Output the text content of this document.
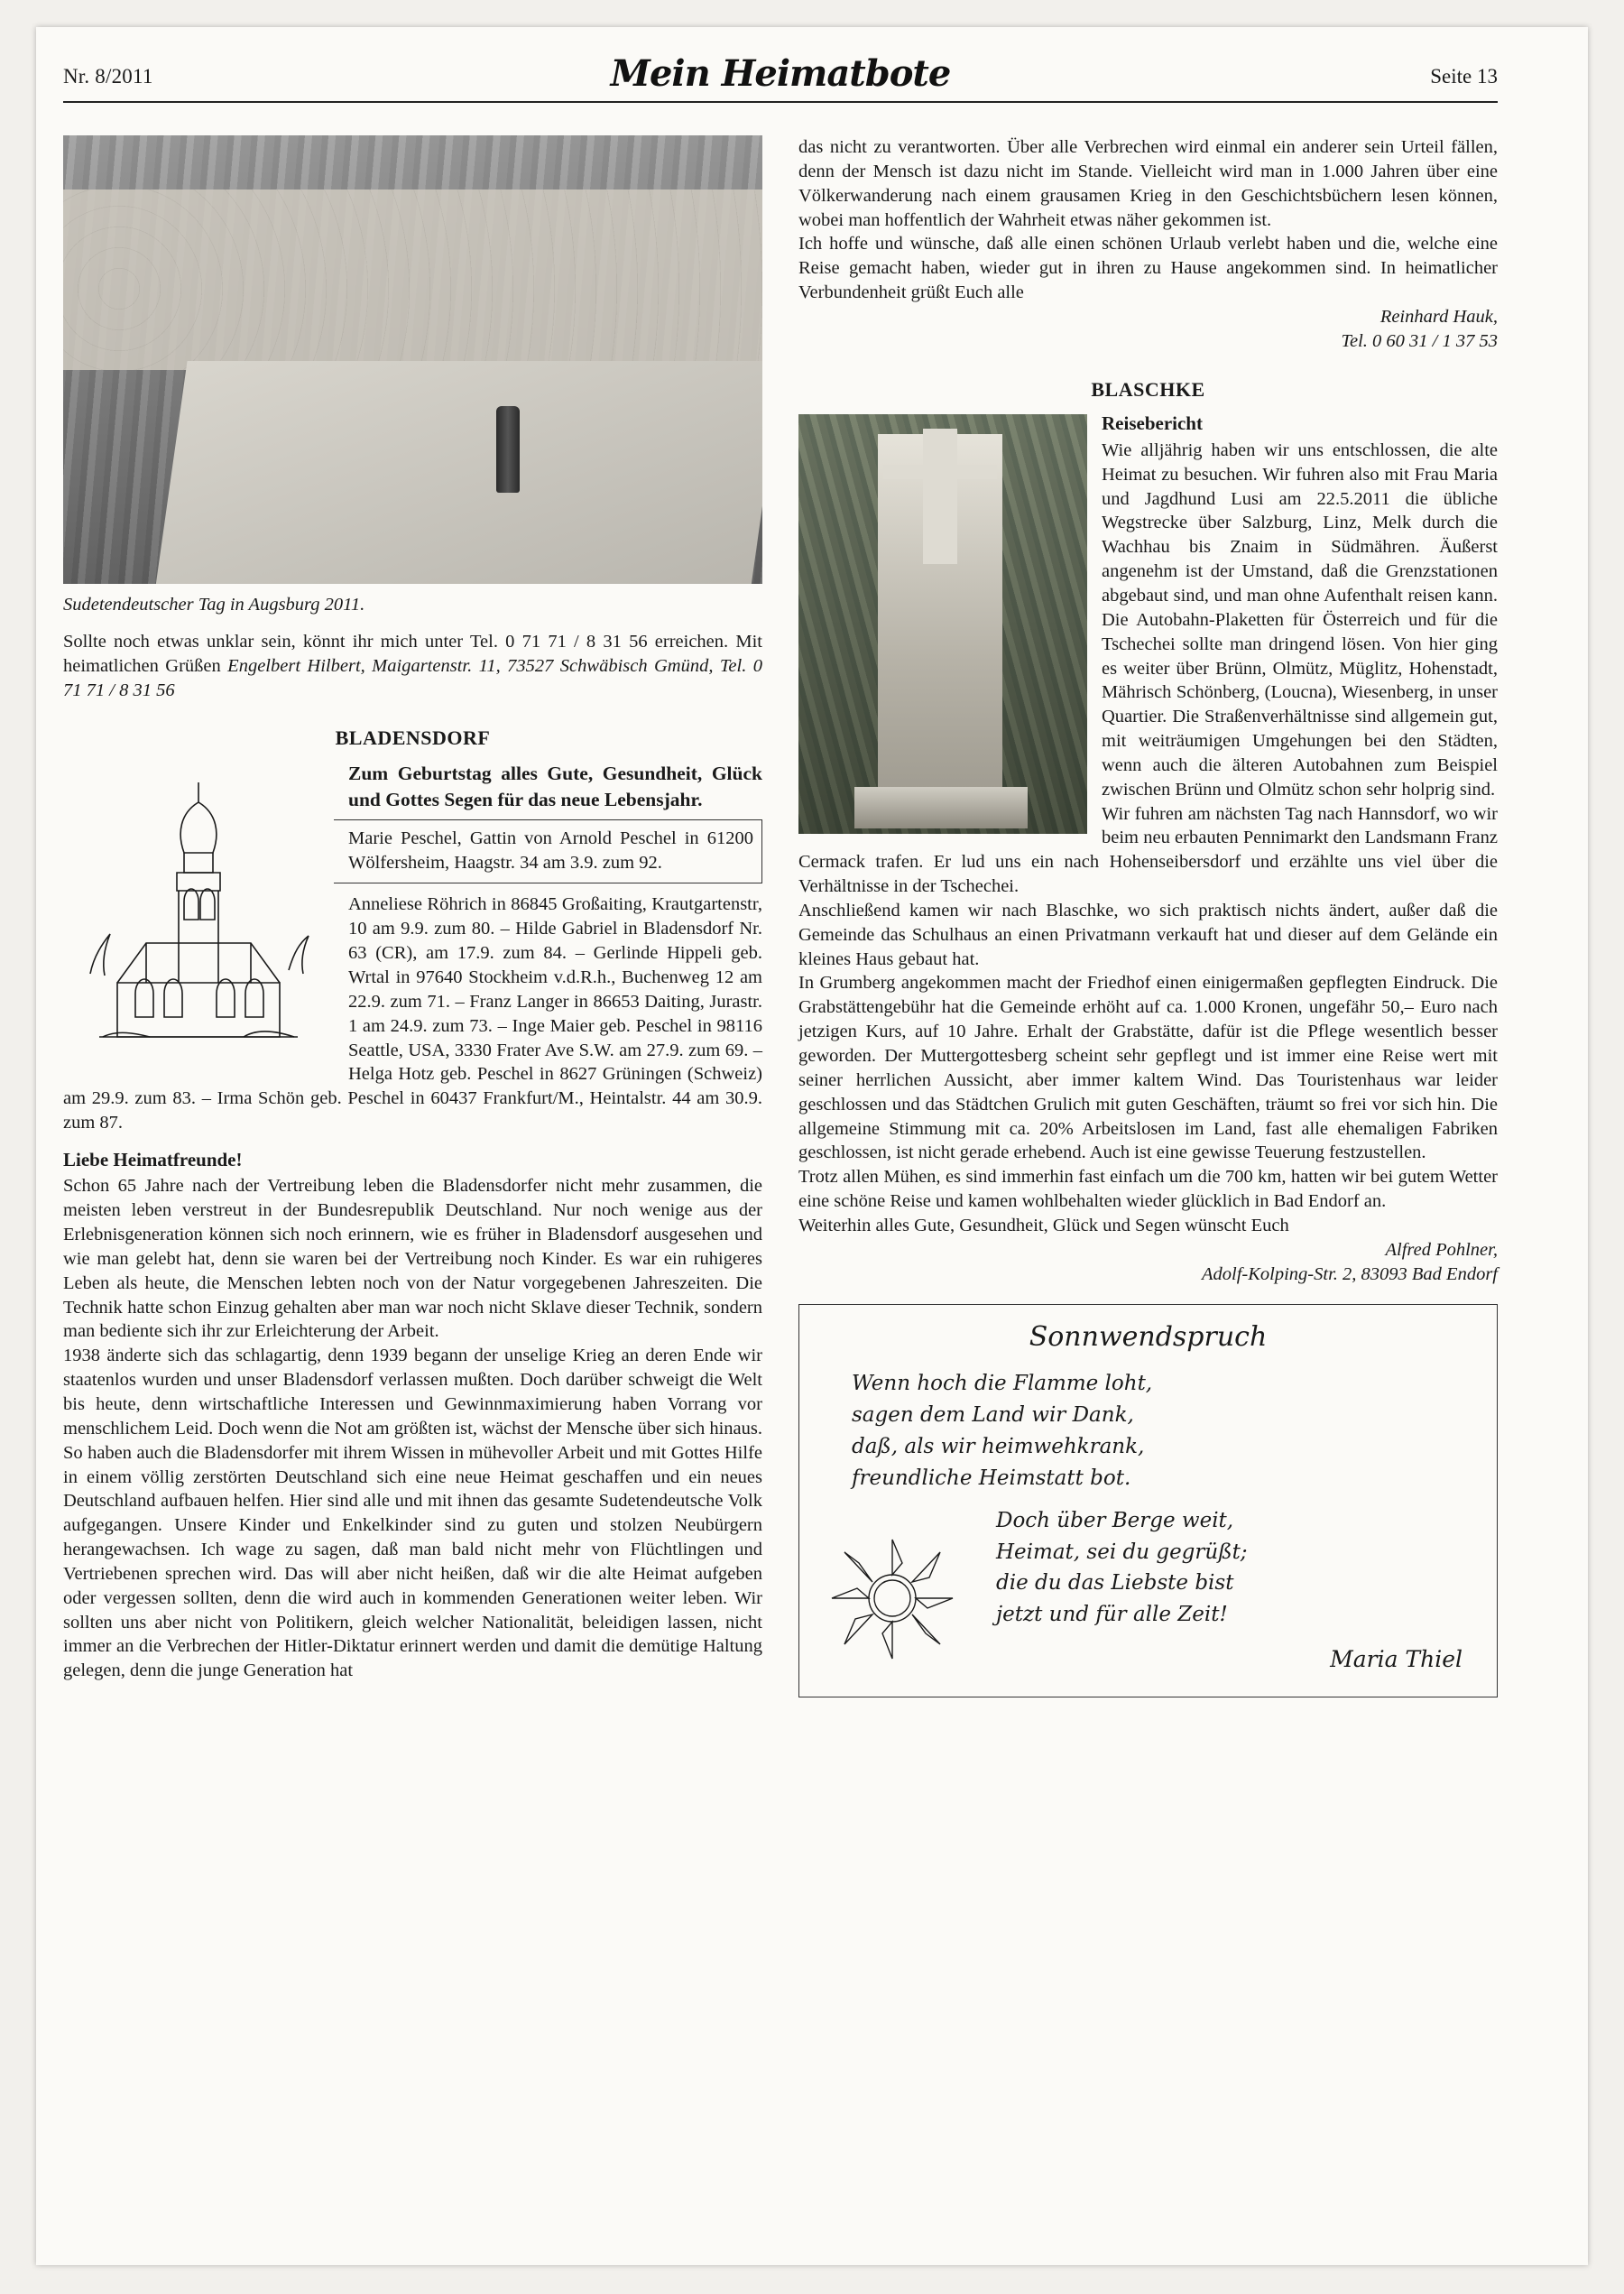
Nr. 8/2011	Mein Heimatbote	Seite 13
Sudetendeutscher Tag in Augsburg 2011.

Sollte noch etwas unklar sein, könnt ihr mich unter Tel. 0 71 71 / 8 31 56 erreichen. Mit heimatlichen Grüßen Engelbert Hilbert, Maigartenstr. 11, 73527 Schwäbisch Gmünd, Tel. 0 71 71 / 8 31 56

BLADENSDORF
Zum Geburtstag alles Gute, Gesundheit, Glück und Gottes Segen für das neue Lebensjahr.
Marie Peschel, Gattin von Arnold Peschel in 61200 Wölfersheim, Haagstr. 34 am 3.9. zum 92.

Anneliese Röhrich in 86845 Großaiting, Krautgartenstr, 10 am 9.9. zum 80. – Hilde Gabriel in Bladensdorf Nr. 63 (CR), am 17.9. zum 84. – Gerlinde Hippeli geb. Wrtal in 97640 Stockheim v.d.R.h., Buchenweg 12 am 22.9. zum 71. – Franz Langer in 86653 Daiting, Jurastr. 1 am 24.9. zum 73. – Inge Maier geb. Peschel in 98116 Seattle, USA, 3330 Frater Ave S.W. am 27.9. zum 69. – Helga Hotz geb. Peschel in 8627 Grüningen (Schweiz) am 29.9. zum 83. – Irma Schön geb. Peschel in 60437 Frankfurt/M., Heintalstr. 44 am 30.9. zum 87.

Liebe Heimatfreunde!

Schon 65 Jahre nach der Vertreibung leben die Bladensdorfer nicht mehr zusammen, die meisten leben verstreut in der Bundesrepublik Deutschland. Nur noch wenige aus der Erlebnisgeneration können sich noch erinnern, wie es früher in Bladensdorf ausgesehen und wie man gelebt hat, denn sie waren bei der Vertreibung noch Kinder. Es war ein ruhigeres Leben als heute, die Menschen lebten noch von der Natur vorgegebenen Jahreszeiten. Die Technik hatte schon Einzug gehalten aber man war noch nicht Sklave dieser Technik, sondern man bediente sich ihr zur Erleichterung der Arbeit.

1938 änderte sich das schlagartig, denn 1939 begann der unselige Krieg an deren Ende wir staatenlos wurden und unser Bladensdorf verlassen mußten. Doch darüber schweigt die Welt bis heute, denn wirtschaftliche Interessen und Gewinnmaximierung haben Vorrang vor menschlichem Leid. Doch wenn die Not am größten ist, wächst der Mensche über sich hinaus. So haben auch die Bladensdorfer mit ihrem Wissen in mühevoller Arbeit und mit Gottes Hilfe in einem völlig zerstörten Deutschland sich eine neue Heimat geschaffen und ein neues Deutschland aufbauen helfen. Hier sind alle und mit ihnen das gesamte Sudetendeutsche Volk aufgegangen. Unsere Kinder und Enkelkinder sind zu guten und stolzen Neubürgern herangewachsen. Ich wage zu sagen, daß man bald nicht mehr von Flüchtlingen und Vertriebenen sprechen wird. Das will aber nicht heißen, daß wir die alte Heimat aufgeben oder vergessen sollten, denn die wird auch in kommenden Generationen weiter leben. Wir sollten uns aber nicht von Politikern, gleich welcher Nationalität, beleidigen lassen, nicht immer an die Verbrechen der Hitler-Diktatur erinnert werden und damit die demütige Haltung gelegen, denn die junge Generation hat

das nicht zu verantworten. Über alle Verbrechen wird einmal ein anderer sein Urteil fällen, denn der Mensch ist dazu nicht im Stande. Vielleicht wird man in 1.000 Jahren über eine Völkerwanderung nach einem grausamen Krieg in den Geschichtsbüchern lesen können, wobei man hoffentlich der Wahrheit etwas näher gekommen ist.

Ich hoffe und wünsche, daß alle einen schönen Urlaub verlebt haben und die, welche eine Reise gemacht haben, wieder gut in ihren zu Hause angekommen sind. In heimatlicher Verbundenheit grüßt Euch alle

Reinhard Hauk,
Tel. 0 60 31 / 1 37 53
BLASCHKE
Reisebericht

Wie alljährig haben wir uns entschlossen, die alte Heimat zu besuchen. Wir fuhren also mit Frau Maria und Jagdhund Lusi am 22.5.2011 die übliche Wegstrecke über Salzburg, Linz, Melk durch die Wachhau bis Znaim in Südmähren. Äußerst angenehm ist der Umstand, daß die Grenzstationen abgebaut sind, und man ohne Aufenthalt reisen kann. Die Autobahn-Plaketten für Österreich und für die Tschechei sollte man dringend lösen. Von hier ging es weiter über Brünn, Olmütz, Müglitz, Hohenstadt, Mährisch Schönberg, (Loucna), Wiesenberg, in unser Quartier. Die Straßenverhältnisse sind allgemein gut, mit weiträumigen Umgehungen bei den Städten, wenn auch die älteren Autobahnen zum Beispiel zwischen Brünn und Olmütz schon sehr holprig sind.

Wir fuhren am nächsten Tag nach Hannsdorf, wo wir beim neu erbauten Pennimarkt den Landsmann Franz Cermack trafen. Er lud uns ein nach Hohenseibersdorf und erzählte uns viel über die Verhältnisse in der Tschechei.

Anschließend kamen wir nach Blaschke, wo sich praktisch nichts ändert, außer daß die Gemeinde das Schulhaus an einen Privatmann verkauft hat und dieser auf dem Gelände ein kleines Haus gebaut hat.

In Grumberg angekommen macht der Friedhof einen einigermaßen gepflegten Eindruck. Die Grabstättengebühr hat die Gemeinde erhöht auf ca. 1.000 Kronen, ungefähr 50,– Euro nach jetzigen Kurs, auf 10 Jahre. Erhalt der Grabstätte, dafür ist die Pflege wesentlich besser geworden. Der Muttergottesberg scheint sehr gepflegt und ist immer eine Reise wert mit seiner herrlichen Aussicht, aber immer kaltem Wind. Das Touristenhaus war leider geschlossen und das Städtchen Grulich mit guten Geschäften, träumt so frei vor sich hin. Die allgemeine Stimmung mit ca. 20% Arbeitslosen im Land, fast alle ehemaligen Fabriken geschlossen, ist nicht gerade erhebend. Auch ist eine gewisse Teuerung festzustellen.

Trotz allen Mühen, es sind immerhin fast einfach um die 700 km, hatten wir bei gutem Wetter eine schöne Reise und kamen wohlbehalten wieder glücklich in Bad Endorf an.

Weiterhin alles Gute, Gesundheit, Glück und Segen wünscht Euch

Alfred Pohlner,
Adolf-Kolping-Str. 2, 83093 Bad Endorf
Sonnwendspruch
Wenn hoch die Flamme loht,
sagen dem Land wir Dank,
daß, als wir heimwehkrank,
freundliche Heimstatt bot.
Doch über Berge weit,
Heimat, sei du gegrüßt;
die du das Liebste bist
jetzt und für alle Zeit!
Maria Thiel
